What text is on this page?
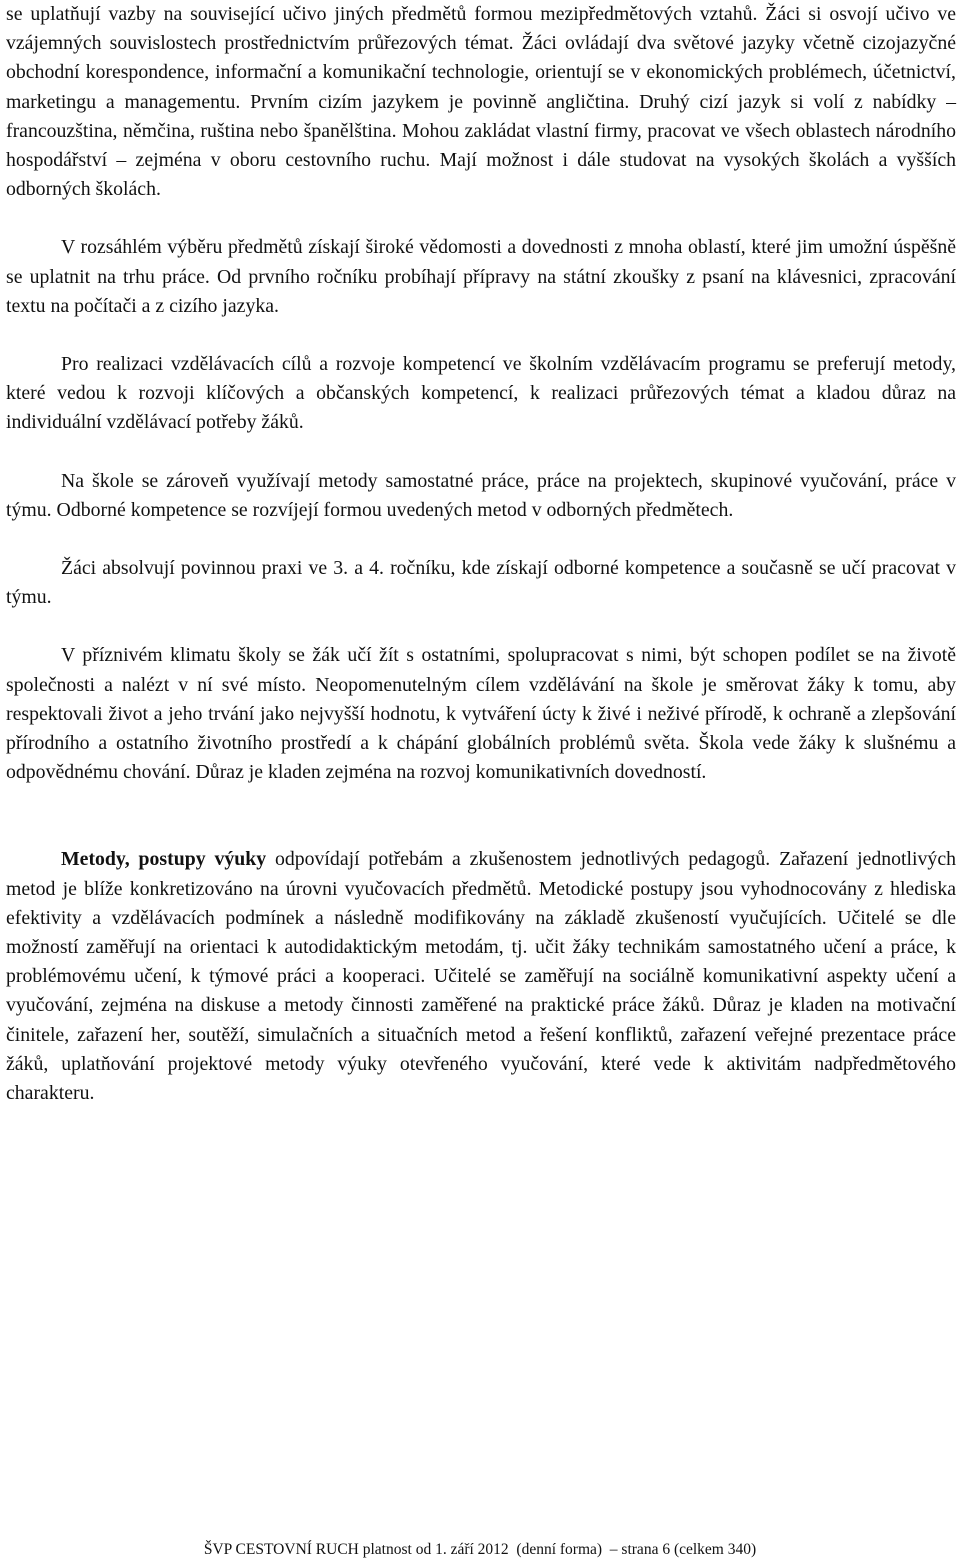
se uplatňují vazby na související učivo jiných předmětů formou mezipředmětových vztahů. Žáci si osvojí učivo ve vzájemných souvislostech prostřednictvím průřezových témat. Žáci ovládají dva světové jazyky včetně cizojazyčné obchodní korespondence, informační a komunikační technologie, orientují se v ekonomických problémech, účetnictví, marketingu a managementu. Prvním cizím jazykem je povinně angličtina. Druhý cizí jazyk si volí z nabídky – francouzština, němčina, ruština nebo španělština. Mohou zakládat vlastní firmy, pracovat ve všech oblastech národního hospodářství – zejména v oboru cestovního ruchu. Mají možnost i dále studovat na vysokých školách a vyšších odborných školách.

V rozsáhlém výběru předmětů získají široké vědomosti a dovednosti z mnoha oblastí, které jim umožní úspěšně se uplatnit na trhu práce. Od prvního ročníku probíhají přípravy na státní zkoušky z psaní na klávesnici, zpracování textu na počítači a z cizího jazyka.

Pro realizaci vzdělávacích cílů a rozvoje kompetencí ve školním vzdělávacím programu se preferují metody, které vedou k rozvoji klíčových a občanských kompetencí, k realizaci průřezových témat a kladou důraz na individuální vzdělávací potřeby žáků.

Na škole se zároveň využívají metody samostatné práce, práce na projektech, skupinové vyučování, práce v týmu. Odborné kompetence se rozvíjejí formou uvedených metod v odborných předmětech.

Žáci absolvují povinnou praxi ve 3. a 4. ročníku, kde získají odborné kompetence a současně se učí pracovat v týmu.

V příznivém klimatu školy se žák učí žít s ostatními, spolupracovat s nimi, být schopen podílet se na životě společnosti a nalézt v ní své místo. Neopomenutelným cílem vzdělávání na škole je směrovat žáky k tomu, aby respektovali život a jeho trvání jako nejvyšší hodnotu, k vytváření úcty k živé i neživé přírodě, k ochraně a zlepšování přírodního a ostatního životního prostředí a k chápání globálních problémů světa. Škola vede žáky k slušnému a odpovědnému chování. Důraz je kladen zejména na rozvoj komunikativních dovedností.

Metody, postupy výuky odpovídají potřebám a zkušenostem jednotlivých pedagogů. Zařazení jednotlivých metod je blíže konkretizováno na úrovni vyučovacích předmětů. Metodické postupy jsou vyhodnocovány z hlediska efektivity a vzdělávacích podmínek a následně modifikovány na základě zkušeností vyučujících. Učitelé se dle možností zaměřují na orientaci k autodidaktickým metodám, tj. učit žáky technikám samostatného učení a práce, k problémovému učení, k týmové práci a kooperaci. Učitelé se zaměřují na sociálně komunikativní aspekty učení a vyučování, zejména na diskuse a metody činnosti zaměřené na praktické práce žáků. Důraz je kladen na motivační činitele, zařazení her, soutěží, simulačních a situačních metod a řešení konfliktů, zařazení veřejné prezentace práce žáků, uplatňování projektové metody výuky otevřeného vyučování, které vede k aktivitám nadpředmětového charakteru.

ŠVP CESTOVNÍ RUCH platnost od 1. září 2012  (denní forma)  – strana 6 (celkem 340)
